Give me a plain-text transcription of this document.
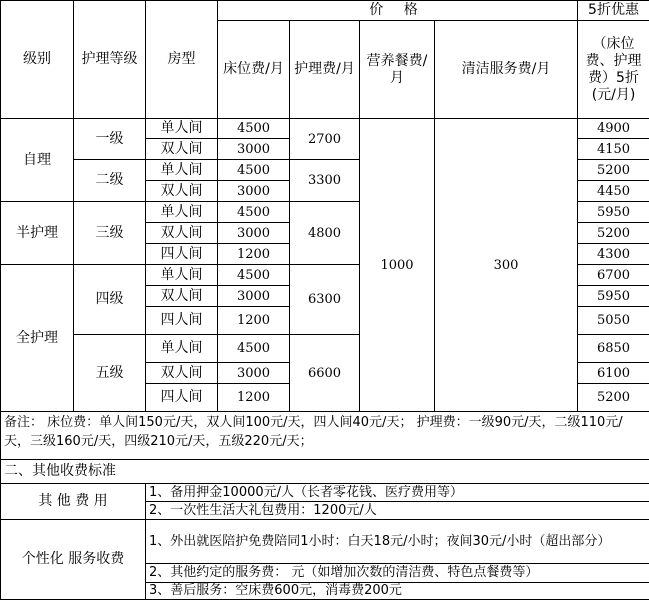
级别	护理等级	房型	价 格				5折优惠

			床位费/月	护理费/月	营养餐费/月	清洁服务费/月	（床位费、护理费）5折(元/月)

自理	一级	单人间	4500	2700	1000	300	4900
		双人间	3000				4150
	二级	单人间	4500	3300			5200
		双人间	3000				4450
半护理	三级	单人间	4500	4800			5950
		双人间	3000				5200
		四人间	1200				4300
全护理	四级	单人间	4500	6300			6700
		双人间	3000				5950
		四人间	1200				5050
	五级	单人间	4500	6600			6850
		双人间	3000				6100
		四人间	1200				5200
备注： 床位费：单人间150元/天，双人间100元/天，四人间40元/天； 护理费：一级90元/天，二级110元/天，三级160元/天，四级210元/天，五级220元/天；							
二、其他收费标准							
其 他 费 用		1、备用押金10000元/人（长者零花钱、医疗费用等）					
		2、一次性生活大礼包费用：1200元/人					
个性化 服务收费		1、外出就医陪护免费陪同1小时：白天18元/小时；夜间30元/小时（超出部分）					
		2、其他约定的服务费： 元（如增加次数的清洁费、特色点餐费等）					
		3、善后服务：空床费600元，消毒费200元					
